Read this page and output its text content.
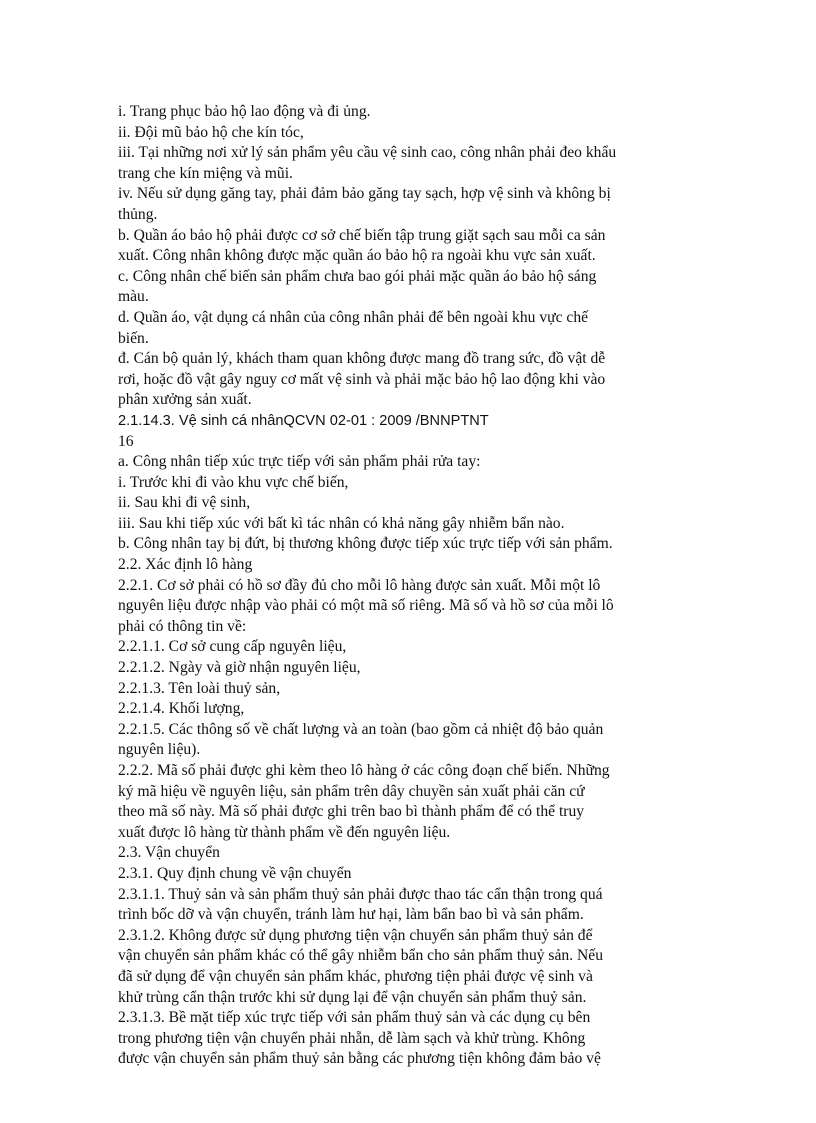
i. Trang phục bảo hộ lao động và đi ủng.
ii. Đội mũ bảo hộ che kín tóc,
iii. Tại những nơi xử lý sản phẩm yêu cầu vệ sinh cao, công nhân phải đeo khẩu
trang che kín miệng và mũi.
iv. Nếu sử dụng găng tay, phải đảm bảo găng tay sạch, hợp vệ sinh và không bị
thủng.
b. Quần áo bảo hộ phải được cơ sở chế biến tập trung giặt sạch sau mỗi ca sản
xuất. Công nhân không được mặc quần áo bảo hộ ra ngoài khu vực sản xuất.
c. Công nhân chế biến sản phẩm chưa bao gói phải mặc quần áo bảo hộ sáng
màu.
d. Quần áo, vật dụng cá nhân của công nhân phải để bên ngoài khu vực chế
biến.
đ. Cán bộ quản lý, khách tham quan không được mang đồ trang sức, đồ vật dễ
rơi, hoặc đồ vật gây nguy cơ mất vệ sinh và phải mặc bảo hộ lao động khi vào
phân xưởng sản xuất.
2.1.14.3. Vệ sinh cá nhânQCVN 02-01 : 2009 /BNNPTNT
16
a. Công nhân tiếp xúc trực tiếp với sản phẩm phải rửa tay:
i. Trước khi đi vào khu vực chế biến,
ii. Sau khi đi vệ sinh,
iii. Sau khi tiếp xúc với bất kì tác nhân có khả năng gây nhiễm bẩn nào.
b. Công nhân tay bị đứt, bị thương không được tiếp xúc trực tiếp với sản phẩm.
2.2. Xác định lô hàng
2.2.1. Cơ sở phải có hồ sơ đầy đủ cho mỗi lô hàng được sản xuất. Mỗi một lô
nguyên liệu được nhập vào phải có một mã số riêng. Mã số và hồ sơ của mỗi lô
phải có thông tin về:
2.2.1.1. Cơ sở cung cấp nguyên liệu,
2.2.1.2. Ngày và giờ nhận nguyên liệu,
2.2.1.3. Tên loài thuỷ sản,
2.2.1.4. Khối lượng,
2.2.1.5. Các thông số về chất lượng và an toàn (bao gồm cả nhiệt độ bảo quản
nguyên liệu).
2.2.2. Mã số phải được ghi kèm theo lô hàng ở các công đoạn chế biến. Những
ký mã hiệu về nguyên liệu, sản phẩm trên dây chuyền sản xuất phải căn cứ
theo mã số này. Mã số phải được ghi trên bao bì thành phẩm để có thể truy
xuất được lô hàng từ thành phẩm về đến nguyên liệu.
2.3. Vận chuyển
2.3.1. Quy định chung về vận chuyển
2.3.1.1. Thuỷ sản và sản phẩm thuỷ sản phải được thao tác cẩn thận trong quá
trình bốc dỡ và vận chuyển, tránh làm hư hại, làm bẩn bao bì và sản phẩm.
2.3.1.2. Không được sử dụng phương tiện vận chuyển sản phẩm thuỷ sản để
vận chuyển sản phẩm khác có thể gây nhiễm bẩn cho sản phẩm thuỷ sản. Nếu
đã sử dụng để vận chuyển sản phẩm khác, phương tiện phải được vệ sinh và
khử trùng cẩn thận trước khi sử dụng lại để vận chuyển sản phẩm thuỷ sản.
2.3.1.3. Bề mặt tiếp xúc trực tiếp với sản phẩm thuỷ sản và các dụng cụ bên
trong phương tiện vận chuyển phải nhẵn, dễ làm sạch và khử trùng. Không
được vận chuyển sản phẩm thuỷ sản bằng các phương tiện không đảm bảo vệ
